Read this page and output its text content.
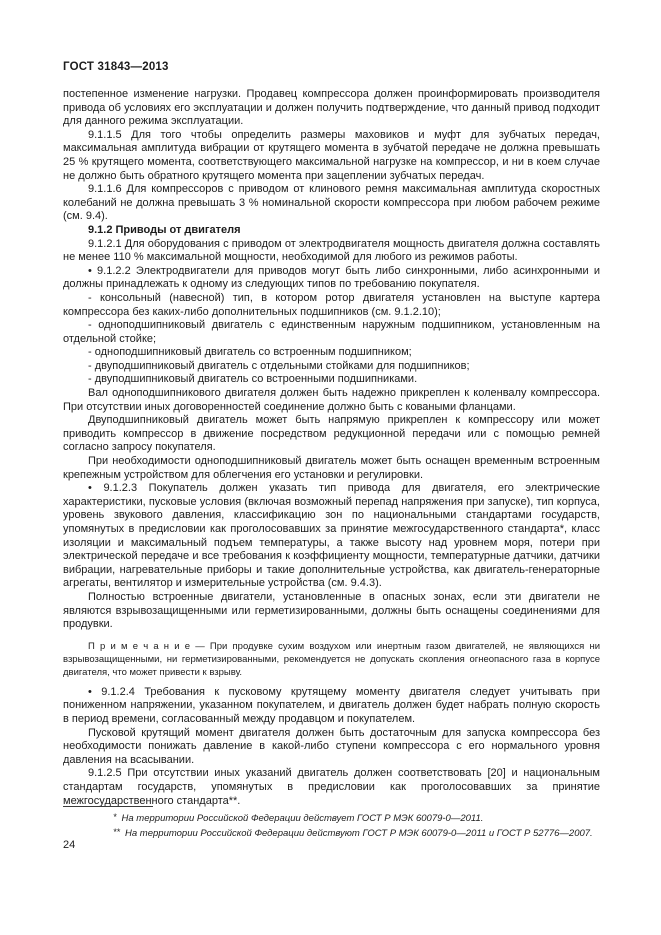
ГОСТ 31843—2013

постепенное изменение нагрузки. Продавец компрессора должен проинформировать производителя привода об условиях его эксплуатации и должен получить подтверждение, что данный привод подходит для данного режима эксплуатации.

9.1.1.5 Для того чтобы определить размеры маховиков и муфт для зубчатых передач, максимальная амплитуда вибрации от крутящего момента в зубчатой передаче не должна превышать 25 % крутящего момента, соответствующего максимальной нагрузке на компрессор, и ни в коем случае не должно быть обратного крутящего момента при зацеплении зубчатых передач.

9.1.1.6 Для компрессоров с приводом от клинового ремня максимальная амплитуда скоростных колебаний не должна превышать 3 % номинальной скорости компрессора при любом рабочем режиме (см. 9.4).

9.1.2 Приводы от двигателя

9.1.2.1 Для оборудования с приводом от электродвигателя мощность двигателя должна составлять не менее 110 % максимальной мощности, необходимой для любого из режимов работы.

• 9.1.2.2 Электродвигатели для приводов могут быть либо синхронными, либо асинхронными и должны принадлежать к одному из следующих типов по требованию покупателя.

- консольный (навесной) тип, в котором ротор двигателя установлен на выступе картера компрессора без каких-либо дополнительных подшипников (см. 9.1.2.10);

- одноподшипниковый двигатель с единственным наружным подшипником, установленным на отдельной стойке;

- одноподшипниковый двигатель со встроенным подшипником;

- двуподшипниковый двигатель с отдельными стойками для подшипников;

- двуподшипниковый двигатель со встроенными подшипниками.

Вал одноподшипникового двигателя должен быть надежно прикреплен к коленвалу компрессора. При отсутствии иных договоренностей соединение должно быть с коваными фланцами.

Двуподшипниковый двигатель может быть напрямую прикреплен к компрессору или может приводить компрессор в движение посредством редукционной передачи или с помощью ремней согласно запросу покупателя.

При необходимости одноподшипниковый двигатель может быть оснащен временным встроенным крепежным устройством для облегчения его установки и регулировки.

• 9.1.2.3 Покупатель должен указать тип привода для двигателя, его электрические характеристики, пусковые условия (включая возможный перепад напряжения при запуске), тип корпуса, уровень звукового давления, классификацию зон по национальными стандартами государств, упомянутых в предисловии как проголосовавших за принятие межгосударственного стандарта*, класс изоляции и максимальный подъем температуры, а также высоту над уровнем моря, потери при электрической передаче и все требования к коэффициенту мощности, температурные датчики, датчики вибрации, нагревательные приборы и такие дополнительные устройства, как двигатель-генераторные агрегаты, вентилятор и измерительные устройства (см. 9.4.3).

Полностью встроенные двигатели, установленные в опасных зонах, если эти двигатели не являются взрывозащищенными или герметизированными, должны быть оснащены соединениями для продувки.

П р и м е ч а н и е — При продувке сухим воздухом или инертным газом двигателей, не являющихся ни взрывозащищенными, ни герметизированными, рекомендуется не допускать скопления огнеопасного газа в корпусе двигателя, что может привести к взрыву.

• 9.1.2.4 Требования к пусковому крутящему моменту двигателя следует учитывать при пониженном напряжении, указанном покупателем, и двигатель должен будет набрать полную скорость в период времени, согласованный между продавцом и покупателем.

Пусковой крутящий момент двигателя должен быть достаточным для запуска компрессора без необходимости понижать давление в какой-либо ступени компрессора с его нормального уровня давления на всасывании.

9.1.2.5 При отсутствии иных указаний двигатель должен соответствовать [20] и национальным стандартам государств, упомянутых в предисловии как проголосовавших за принятие межгосударственного стандарта**.

* На территории Российской Федерации действует ГОСТ Р МЭК 60079-0—2011.
** На территории Российской Федерации действуют ГОСТ Р МЭК 60079-0—2011 и ГОСТ Р 52776—2007.
24
